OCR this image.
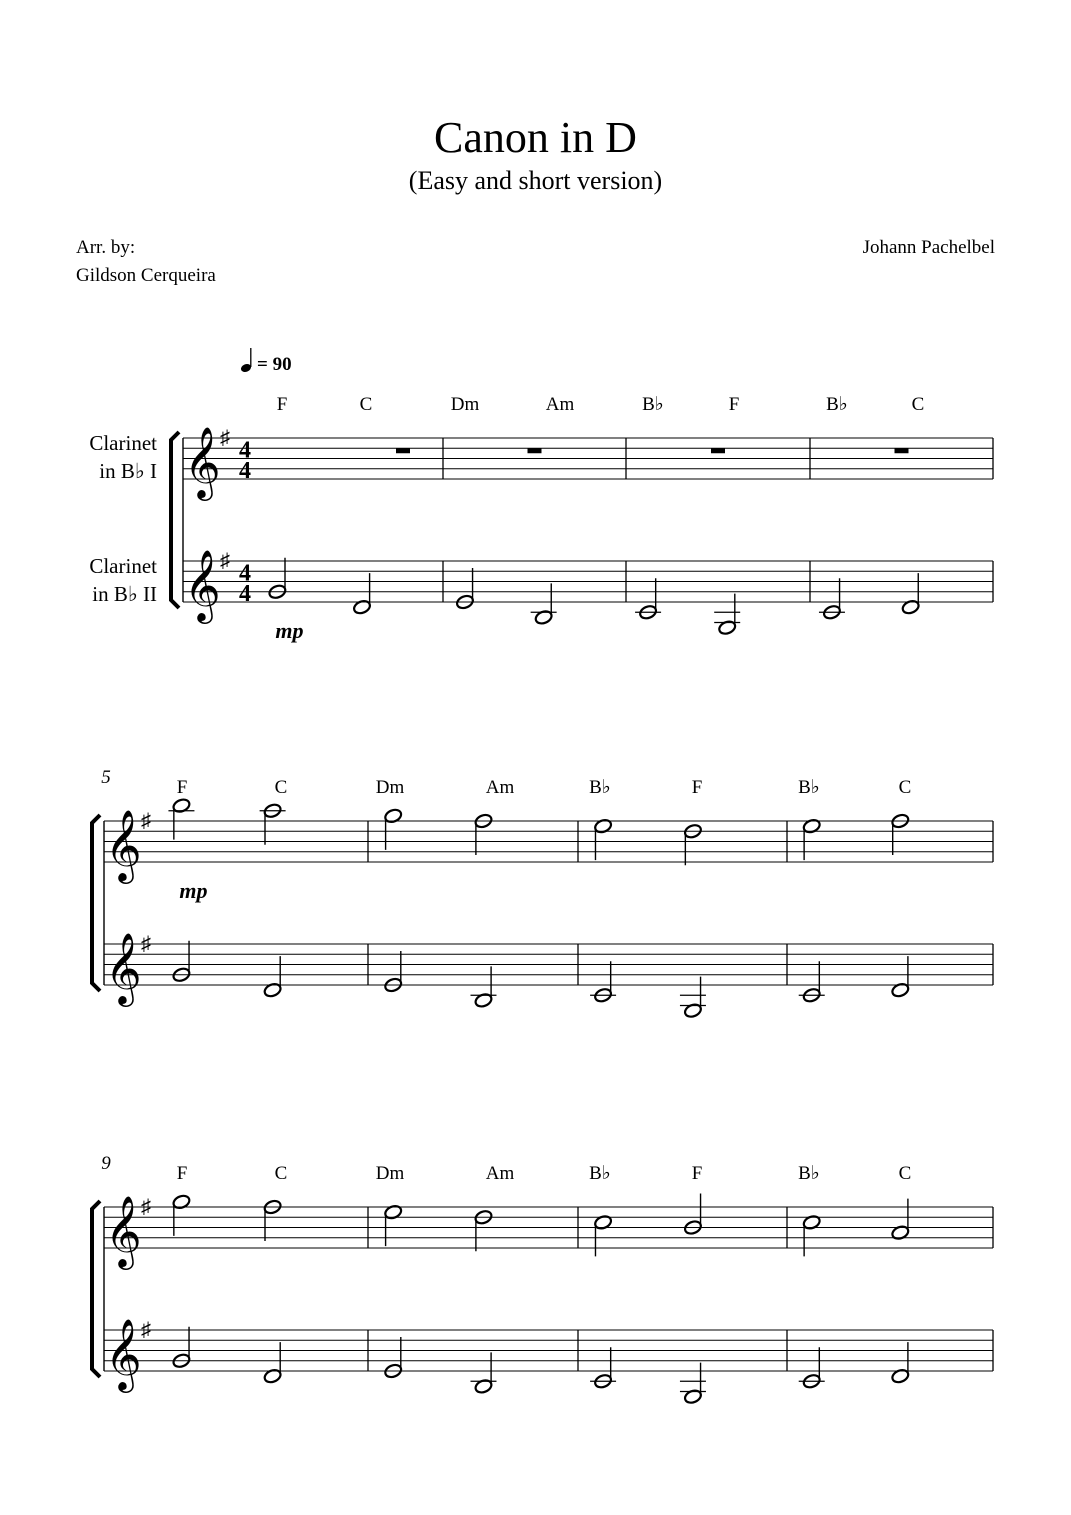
Canon in D
(Easy and short version)
Arr. by:
Gildson Cerqueira
Johann Pachelbel
𝄞 ♯ 4
4
𝄞 ♯ 4
4
F	C	Dm	Am	B♭	F	B♭	C
mp
Clarinet
in B♭ I
Clarinet
in B♭ II
𝄞 ♯
𝄞 ♯
5	F	C	Dm	Am	B♭	F	B♭	C
mp
𝄞 ♯
𝄞 ♯
9	F	C	Dm	Am	B♭	F	B♭	C
= 90
